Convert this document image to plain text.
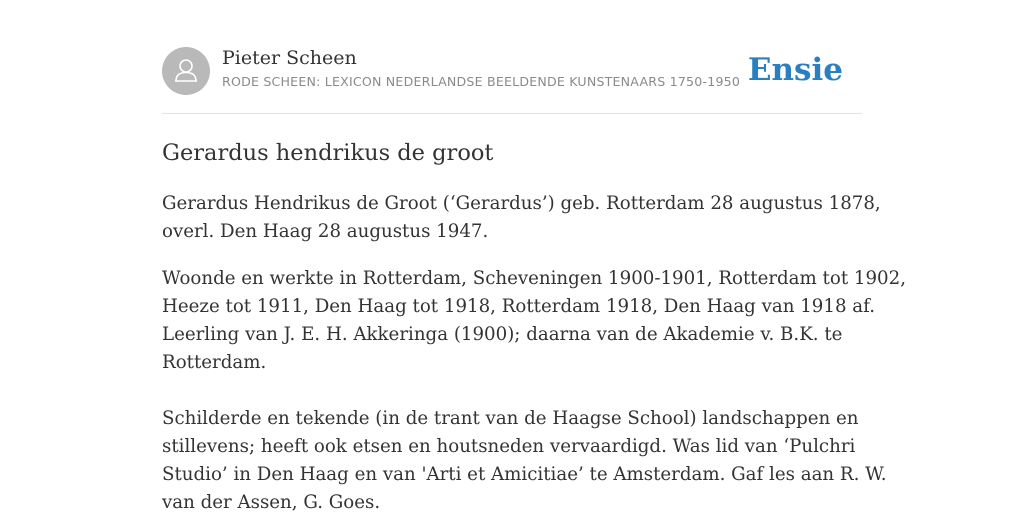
Pieter Scheen
RODE SCHEEN: LEXICON NEDERLANDSE BEELDENDE KUNSTENAARS 1750-1950 Ensie
Gerardus hendrikus de groot

Gerardus Hendrikus de Groot (‘Gerardus’) geb. Rotterdam 28 augustus 1878,
overl. Den Haag 28 augustus 1947.

Woonde en werkte in Rotterdam, Scheveningen 1900-1901, Rotterdam tot 1902,
Heeze tot 1911, Den Haag tot 1918, Rotterdam 1918, Den Haag van 1918 af.
Leerling van J. E. H. Akkeringa (1900); daarna van de Akademie v. B.K. te
Rotterdam.

Schilderde en tekende (in de trant van de Haagse School) landschappen en
stillevens; heeft ook etsen en houtsneden vervaardigd. Was lid van ‘Pulchri
Studio’ in Den Haag en van 'Arti et Amicitiae’ te Amsterdam. Gaf les aan R. W.
van der Assen, G. Goes.
